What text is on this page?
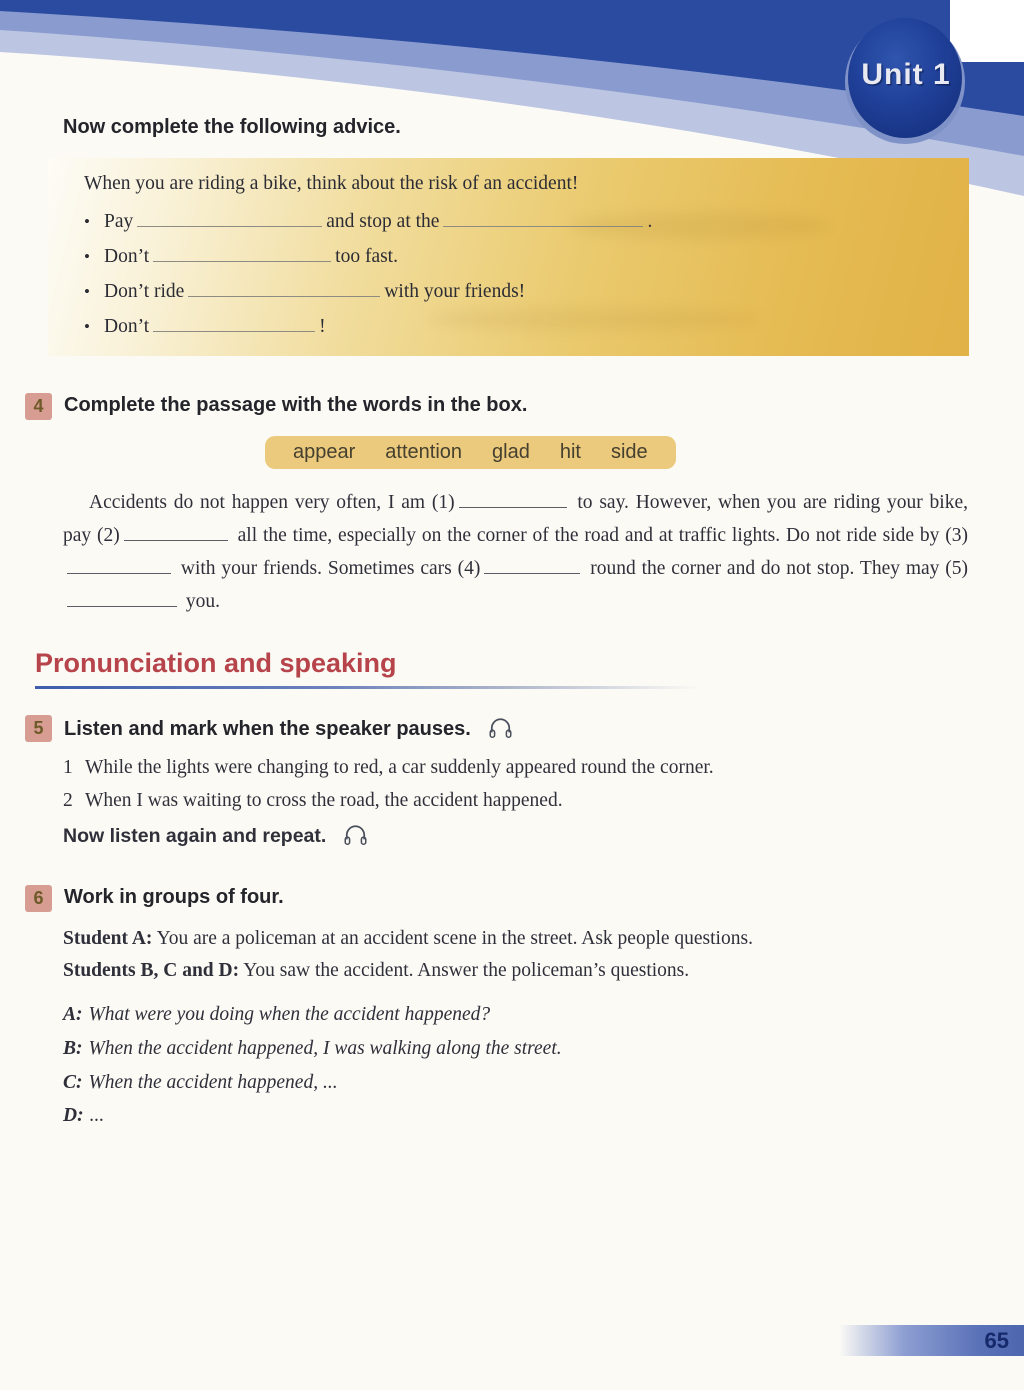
Unit 1
Now complete the following advice.
When you are riding a bike, think about the risk of an accident!
• Pay	and stop at the	.
• Don’t	too fast.
• Don’t ride	with your friends!
• Don’t	!
4	Complete the passage with the words in the box.
appear attention glad hit side

Accidents do not happen very often, I am (1)	to say. However, when you are riding your bike, pay (2)	all the time, especially on the corner of the road and at traffic lights. Do not ride side by (3) with your friends. Sometimes cars (4)	round the corner and do not stop. They may (5) you.

Pronunciation and speaking
5	Listen and mark when the speaker pauses.
1 While the lights were changing to red, a car suddenly appeared round the corner.
2 When I was waiting to cross the road, the accident happened.
Now listen again and repeat.
6	Work in groups of four.
Student A: You are a policeman at an accident scene in the street. Ask people questions.
Students B, C and D: You saw the accident. Answer the policeman’s questions.
A: What were you doing when the accident happened?
B: When the accident happened, I was walking along the street.
C: When the accident happened, ...
D: ...
65
